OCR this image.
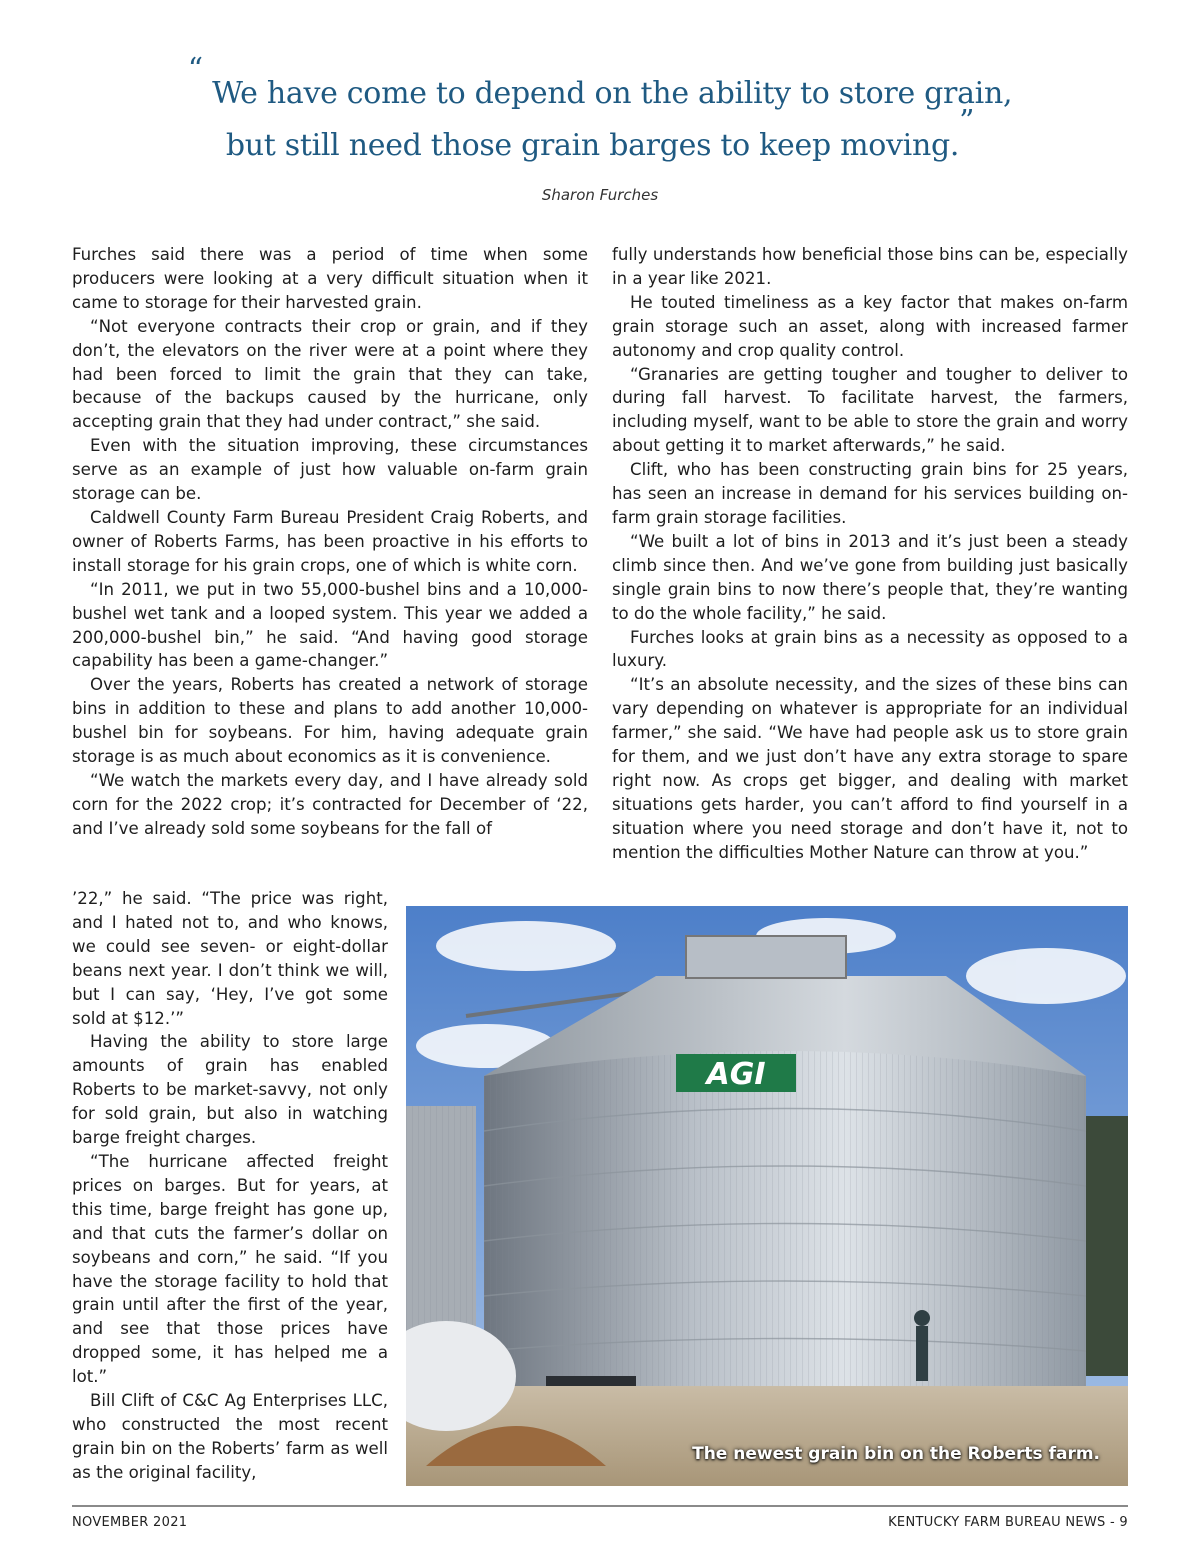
“ We have come to depend on the ability to store grain,
but still need those grain barges to keep moving.”
Sharon Furches

Furches said there was a period of time when some producers were looking at a very difficult situation when it came to storage for their harvested grain.

“Not everyone contracts their crop or grain, and if they don’t, the elevators on the river were at a point where they had been forced to limit the grain that they can take, because of the backups caused by the hurricane, only accepting grain that they had under contract,” she said.

Even with the situation improving, these circumstances serve as an example of just how valuable on-farm grain storage can be.

Caldwell County Farm Bureau President Craig Roberts, and owner of Roberts Farms, has been proactive in his efforts to install storage for his grain crops, one of which is white corn.

“In 2011, we put in two 55,000-bushel bins and a 10,000-bushel wet tank and a looped system. This year we added a 200,000-bushel bin,” he said. “And having good storage capability has been a game-changer.”

Over the years, Roberts has created a network of storage bins in addition to these and plans to add another 10,000-bushel bin for soybeans. For him, having adequate grain storage is as much about economics as it is convenience.

“We watch the markets every day, and I have already sold corn for the 2022 crop; it’s contracted for December of ‘22, and I’ve already sold some soybeans for the fall of

’22,” he said. “The price was right, and I hated not to, and who knows, we could see seven- or eight-dollar beans next year. I don’t think we will, but I can say, ‘Hey, I’ve got some sold at $12.’”

Having the ability to store large amounts of grain has enabled Roberts to be market-savvy, not only for sold grain, but also in watching barge freight charges.

“The hurricane affected freight prices on barges. But for years, at this time, barge freight has gone up, and that cuts the farmer’s dollar on soybeans and corn,” he said. “If you have the storage facility to hold that grain until after the first of the year, and see that those prices have dropped some, it has helped me a lot.”

Bill Clift of C&C Ag Enterprises LLC, who constructed the most recent grain bin on the Roberts’ farm as well as the original facility,

fully understands how beneficial those bins can be, especially in a year like 2021.

He touted timeliness as a key factor that makes on-farm grain storage such an asset, along with increased farmer autonomy and crop quality control.

“Granaries are getting tougher and tougher to deliver to during fall harvest. To facilitate harvest, the farmers, including myself, want to be able to store the grain and worry about getting it to market afterwards,” he said.

Clift, who has been constructing grain bins for 25 years, has seen an increase in demand for his services building on-farm grain storage facilities.

“We built a lot of bins in 2013 and it’s just been a steady climb since then. And we’ve gone from building just basically single grain bins to now there’s people that, they’re wanting to do the whole facility,” he said.

Furches looks at grain bins as a necessity as opposed to a luxury.

“It’s an absolute necessity, and the sizes of these bins can vary depending on whatever is appropriate for an individual farmer,” she said. “We have had people ask us to store grain for them, and we just don’t have any extra storage to spare right now. As crops get bigger, and dealing with market situations gets harder, you can’t afford to find yourself in a situation where you need storage and don’t have it, not to mention the difficulties Mother Nature can throw at you.”

AGI
The newest grain bin on the Roberts farm.
NOVEMBER 2021	KENTUCKY FARM BUREAU NEWS - 9
